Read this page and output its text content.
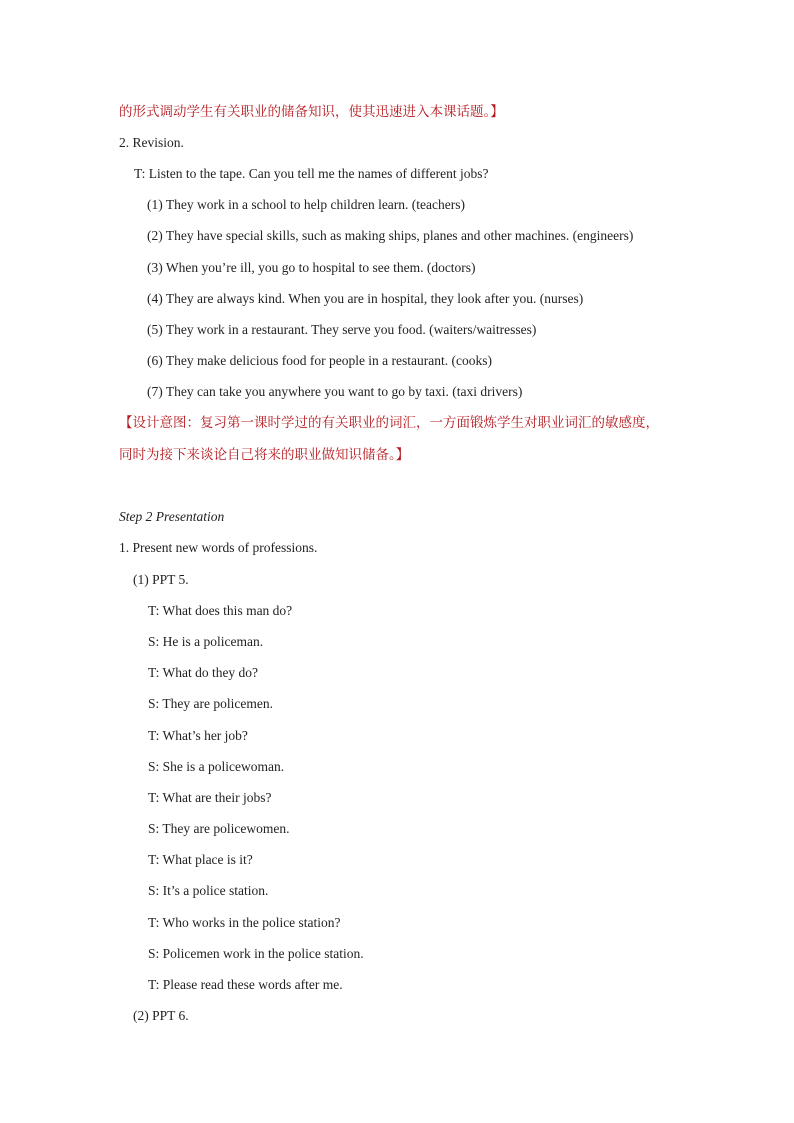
的形式调动学生有关职业的储备知识，使其迅速进入本课话题。】
2. Revision.
T: Listen to the tape. Can you tell me the names of different jobs?
(1) They work in a school to help children learn. (teachers)
(2) They have special skills, such as making ships, planes and other machines. (engineers)
(3) When you’re ill, you go to hospital to see them. (doctors)
(4) They are always kind. When you are in hospital, they look after you. (nurses)
(5) They work in a restaurant. They serve you food. (waiters/waitresses)
(6) They make delicious food for people in a restaurant. (cooks)
(7) They can take you anywhere you want to go by taxi. (taxi drivers)
【设计意图：复习第一课时学过的有关职业的词汇，一方面锻炼学生对职业词汇的敏感度，
同时为接下来谈论自己将来的职业做知识储备。】
Step 2 Presentation
1. Present new words of professions.
(1) PPT 5.
T: What does this man do?
S: He is a policeman.
T: What do they do?
S: They are policemen.
T: What’s her job?
S: She is a policewoman.
T: What are their jobs?
S: They are policewomen.
T: What place is it?
S: It’s a police station.
T: Who works in the police station?
S: Policemen work in the police station.
T: Please read these words after me.
(2) PPT 6.
